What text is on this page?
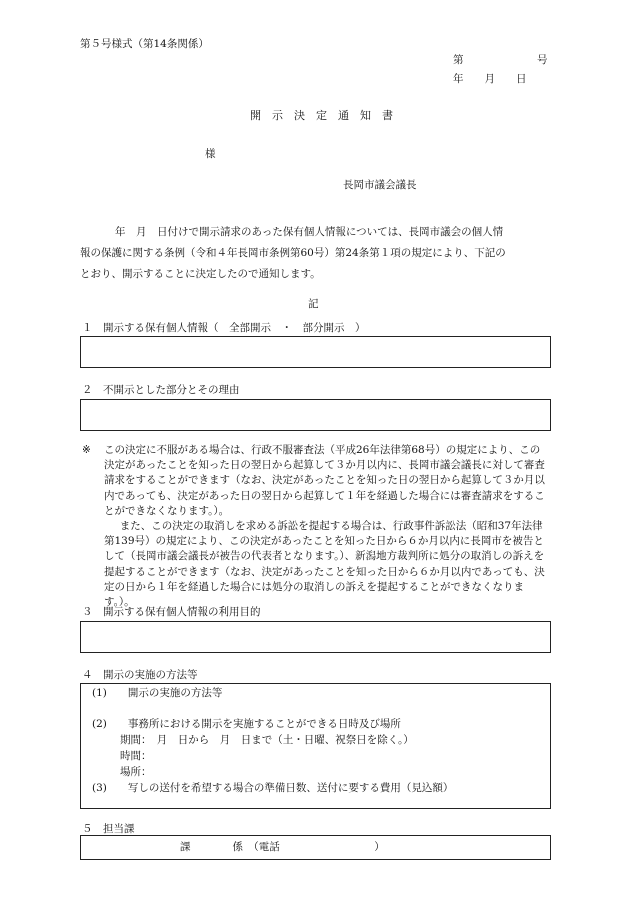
第５号様式（第14条関係）
第　　　　　　　号
年　　月　　日
開　示　決　定　通　知　書
様
長岡市議会議長
年　月　日付けで開示請求のあった保有個人情報については、長岡市議会の個人情
報の保護に関する条例（令和４年長岡市条例第60号）第24条第１項の規定により、下記の
とおり、開示することに決定したので通知します。
記
１　開示する保有個人情報（　全部開示　・　部分開示　）
２　不開示とした部分とその理由
※ この決定に不服がある場合は、行政不服審査法（平成26年法律第68号）の規定により、この決定があったことを知った日の翌日から起算して３か月以内に、長岡市議会議長に対して審査請求をすることができます（なお、決定があったことを知った日の翌日から起算して３か月以内であっても、決定があった日の翌日から起算して１年を経過した場合には審査請求をすることができなくなります。）。

また、この決定の取消しを求める訴訟を提起する場合は、行政事件訴訟法（昭和37年法律第139号）の規定により、この決定があったことを知った日から６か月以内に長岡市を被告として（長岡市議会議長が被告の代表者となります。）、新潟地方裁判所に処分の取消しの訴えを提起することができます（なお、決定があったことを知った日から６か月以内であっても、決定の日から１年を経過した場合には処分の取消しの訴えを提起することができなくなります。）。

３　開示する保有個人情報の利用目的
４　開示の実施の方法等
(1)　　開示の実施の方法等
(2)　　事務所における開示を実施することができる日時及び場所
期間：　月　日から　月　日まで（土・日曜、祝祭日を除く。）
時間：
場所：
(3)　　写しの送付を希望する場合の準備日数、送付に要する費用（見込額）
５　担当課
課　　　　係　（電話　　　　　　　　　）
